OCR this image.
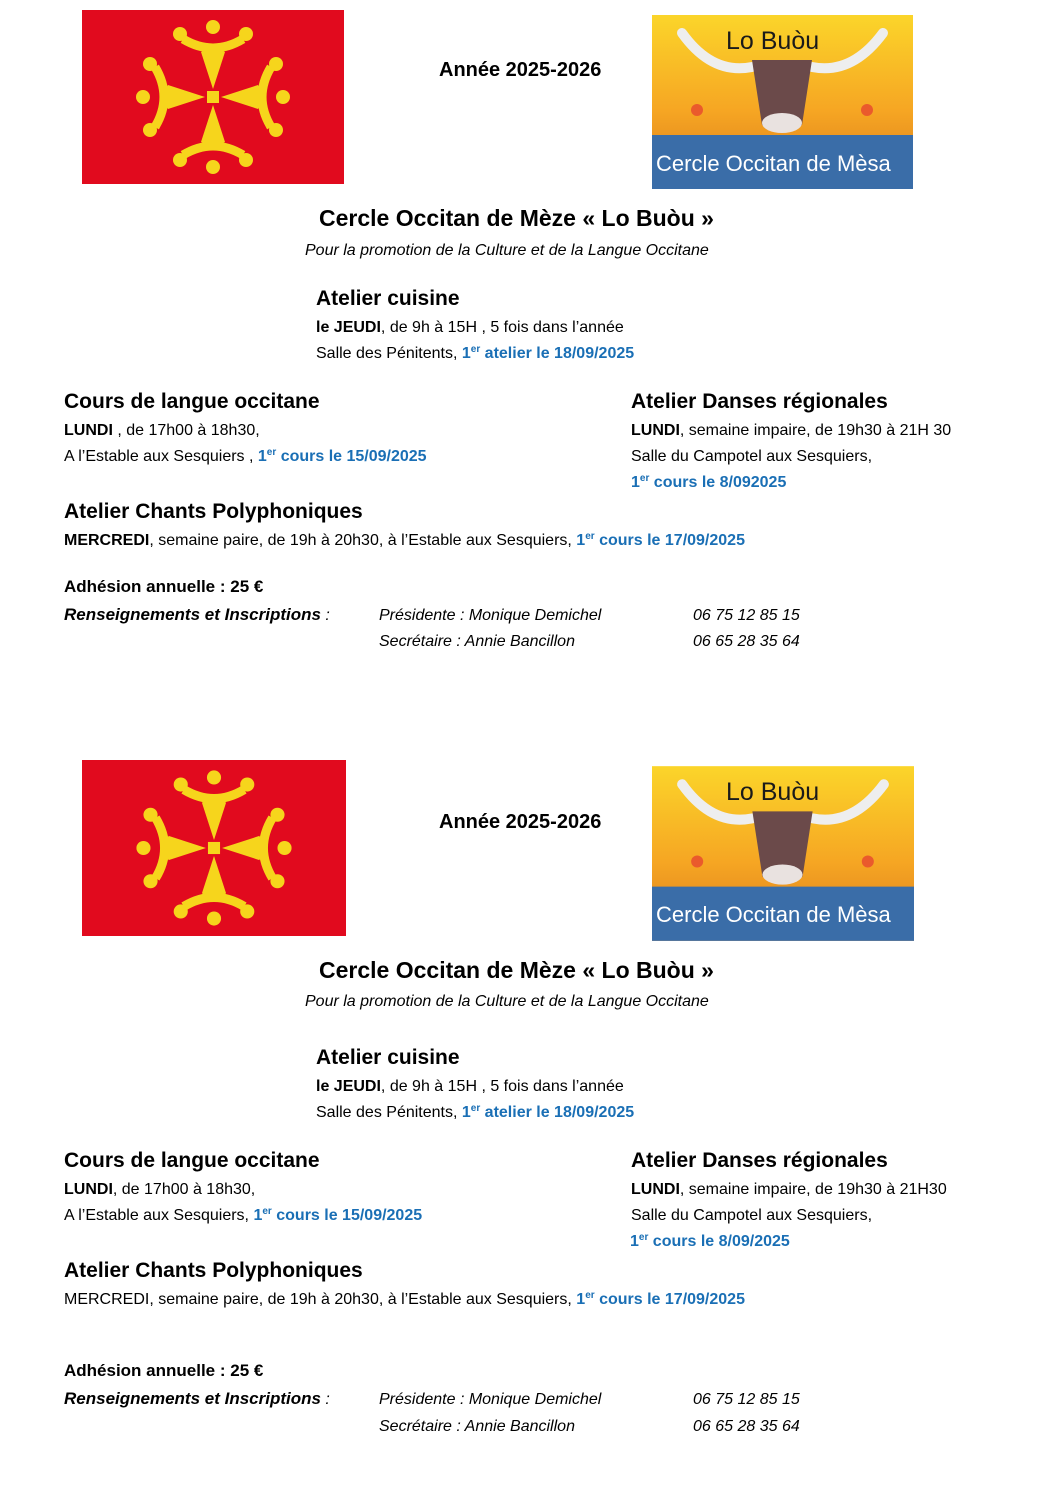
Année 2025-2026
Lo Buòu
Cercle Occitan de Mèsa
Cercle Occitan de Mèze « Lo Buòu »
Pour la promotion de la Culture et de la Langue Occitane
Atelier cuisine
le JEUDI, de 9h à 15H , 5 fois dans l’année
Salle des Pénitents, 1er atelier le 18/09/2025
Cours de langue occitane
LUNDI , de 17h00 à 18h30,
A l’Estable aux Sesquiers , 1er cours le 15/09/2025
Atelier Danses régionales
LUNDI, semaine impaire, de 19h30 à 21H 30
Salle du Campotel aux Sesquiers,
1er cours le 8/092025
Atelier Chants Polyphoniques
MERCREDI, semaine paire, de 19h à 20h30, à l’Estable aux Sesquiers, 1er cours le 17/09/2025
Adhésion annuelle : 25 €
Renseignements et Inscriptions :	Présidente : Monique Demichel	06 75 12 85 15
Secrétaire : Annie Bancillon	06 65 28 35 64
Année 2025-2026
Lo Buòu
Cercle Occitan de Mèsa
Cercle Occitan de Mèze « Lo Buòu »
Pour la promotion de la Culture et de la Langue Occitane
Atelier cuisine
le JEUDI, de 9h à 15H , 5 fois dans l’année
Salle des Pénitents, 1er atelier le 18/09/2025
Cours de langue occitane
LUNDI, de 17h00 à 18h30,
A l’Estable aux Sesquiers, 1er cours le 15/09/2025
Atelier Danses régionales
LUNDI, semaine impaire, de 19h30 à 21H30
Salle du Campotel aux Sesquiers,
1er cours le 8/09/2025
Atelier Chants Polyphoniques
MERCREDI, semaine paire, de 19h à 20h30, à l’Estable aux Sesquiers, 1er cours le 17/09/2025
Adhésion annuelle : 25 €
Renseignements et Inscriptions :	Présidente : Monique Demichel	06 75 12 85 15
Secrétaire : Annie Bancillon	06 65 28 35 64
